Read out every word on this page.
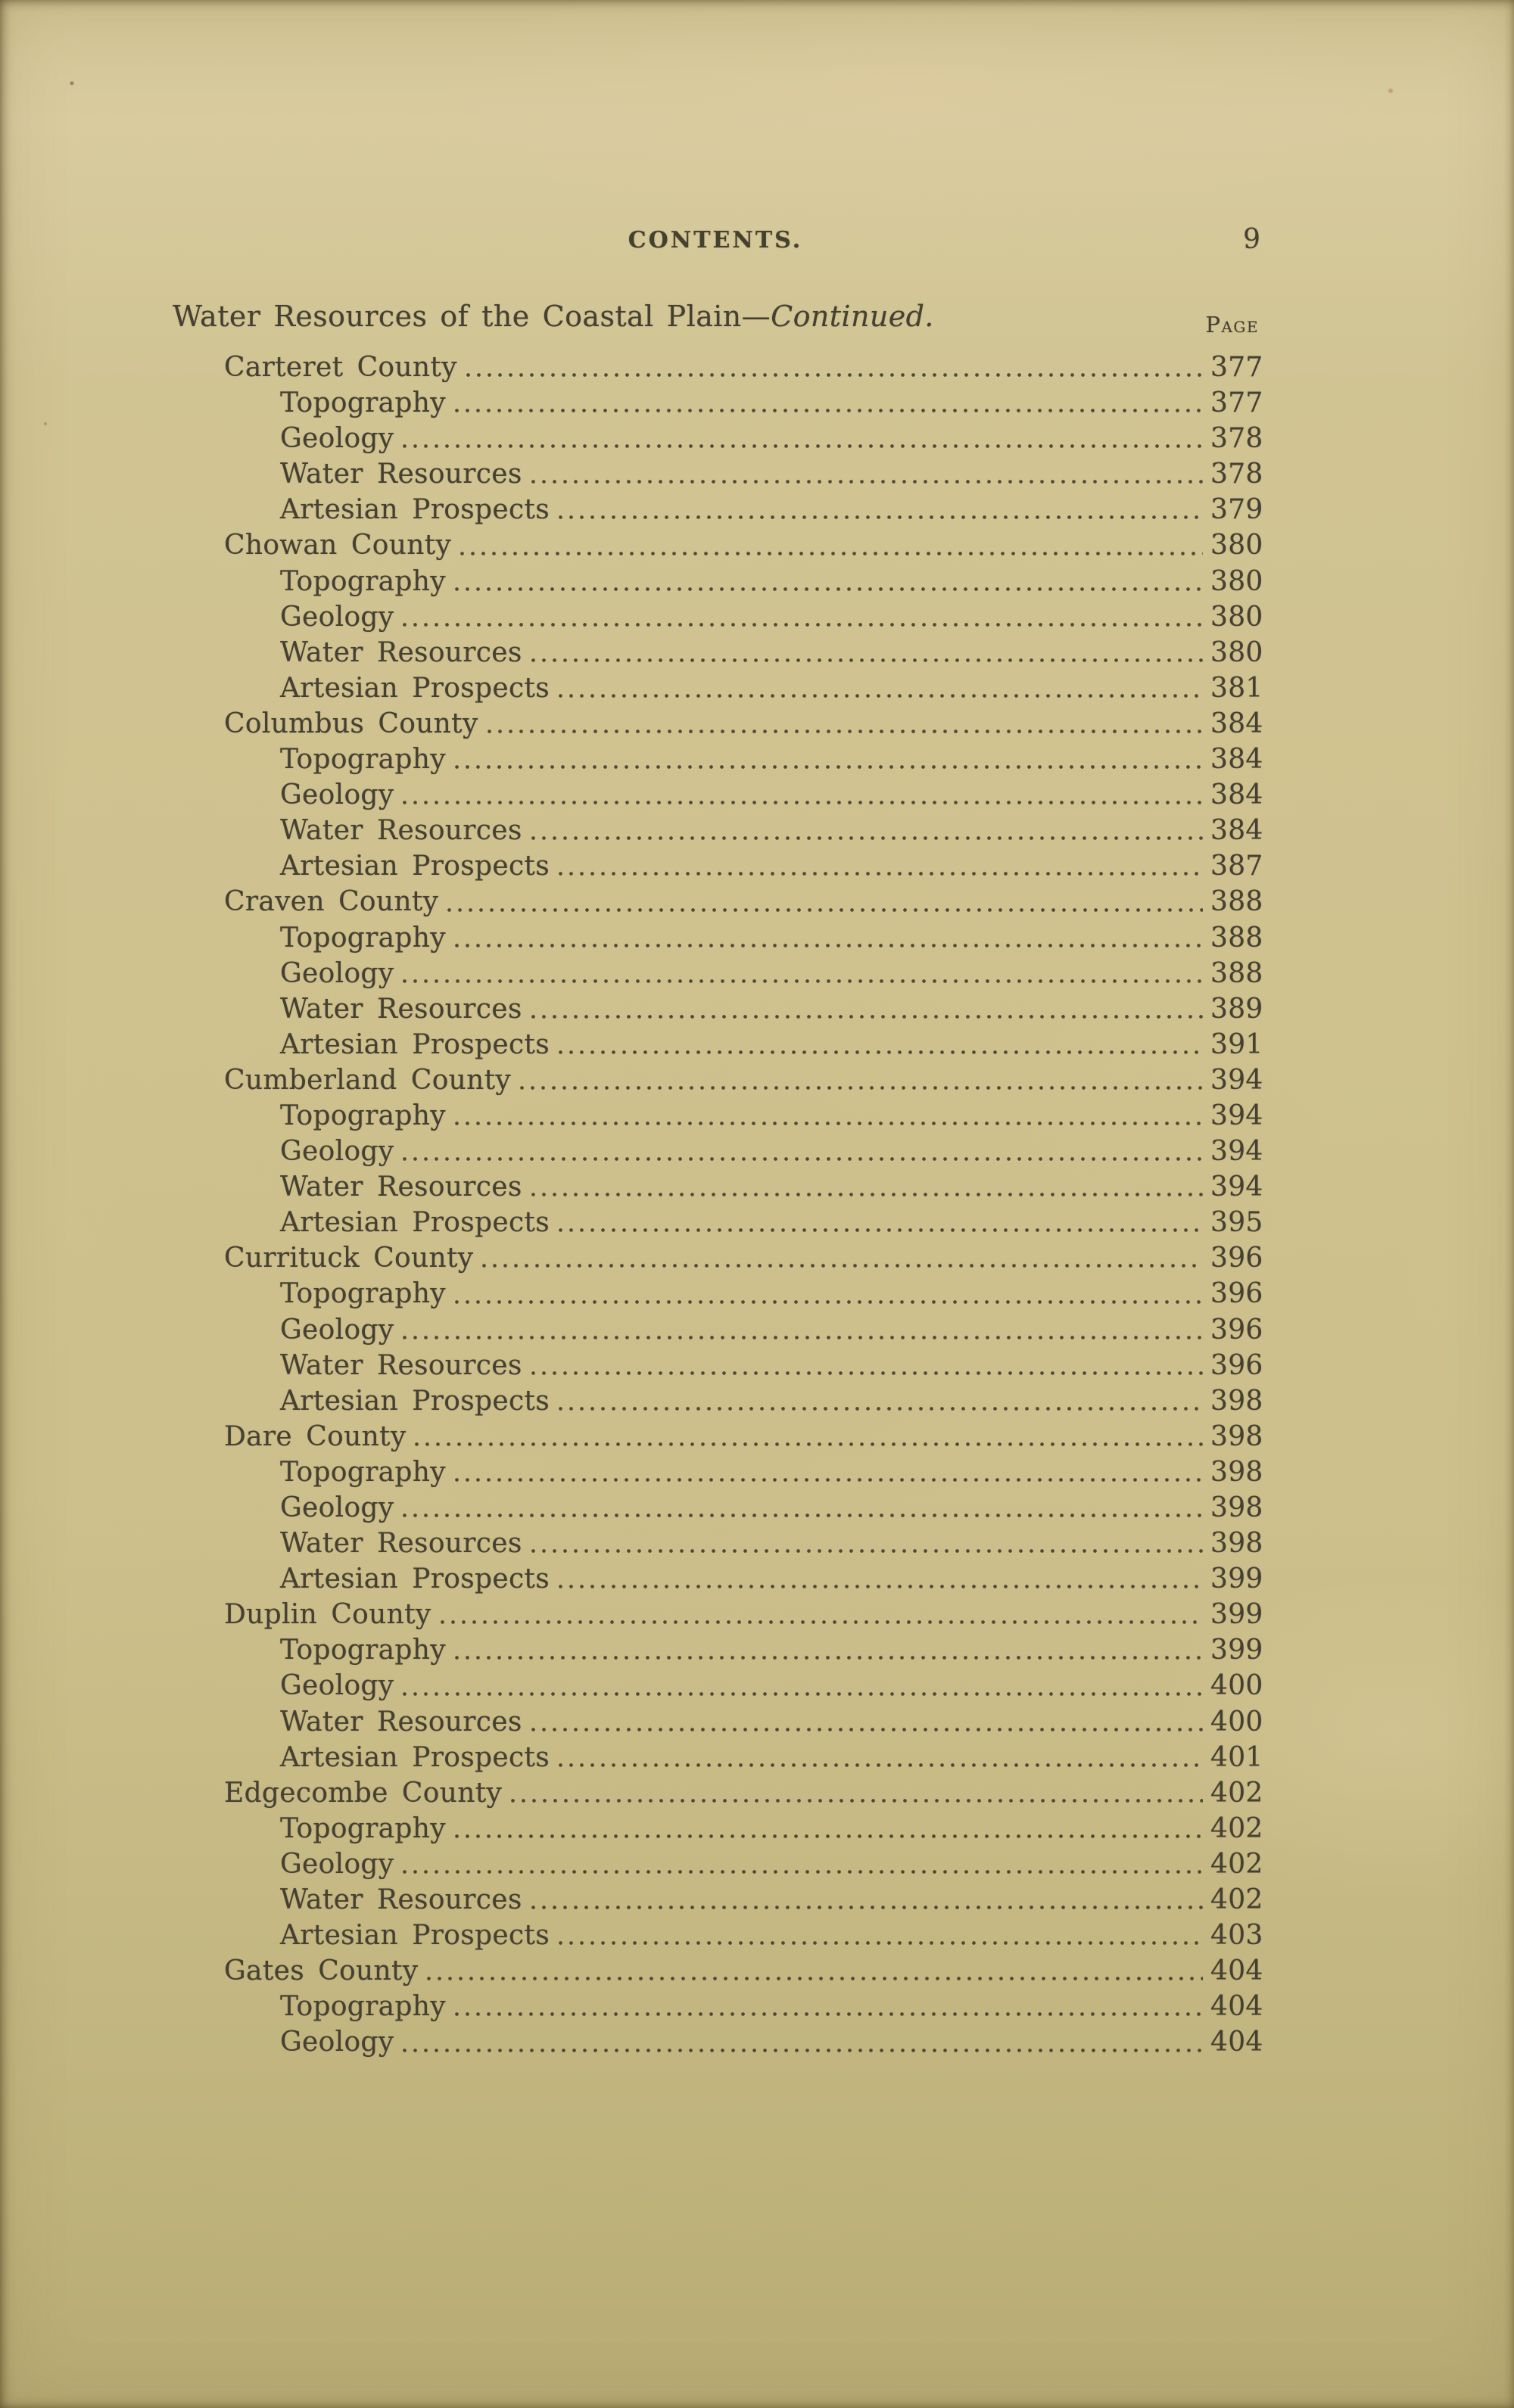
CONTENTS.	9
Water Resources of the Coastal Plain—Continued.	Page
Carteret County	377
Topography	377
Geology	378
Water Resources	378
Artesian Prospects	379
Chowan County	380
Topography	380
Geology	380
Water Resources	380
Artesian Prospects	381
Columbus County	384
Topography	384
Geology	384
Water Resources	384
Artesian Prospects	387
Craven County	388
Topography	388
Geology	388
Water Resources	389
Artesian Prospects	391
Cumberland County	394
Topography	394
Geology	394
Water Resources	394
Artesian Prospects	395
Currituck County	396
Topography	396
Geology	396
Water Resources	396
Artesian Prospects	398
Dare County	398
Topography	398
Geology	398
Water Resources	398
Artesian Prospects	399
Duplin County	399
Topography	399
Geology	400
Water Resources	400
Artesian Prospects	401
Edgecombe County	402
Topography	402
Geology	402
Water Resources	402
Artesian Prospects	403
Gates County	404
Topography	404
Geology	404
